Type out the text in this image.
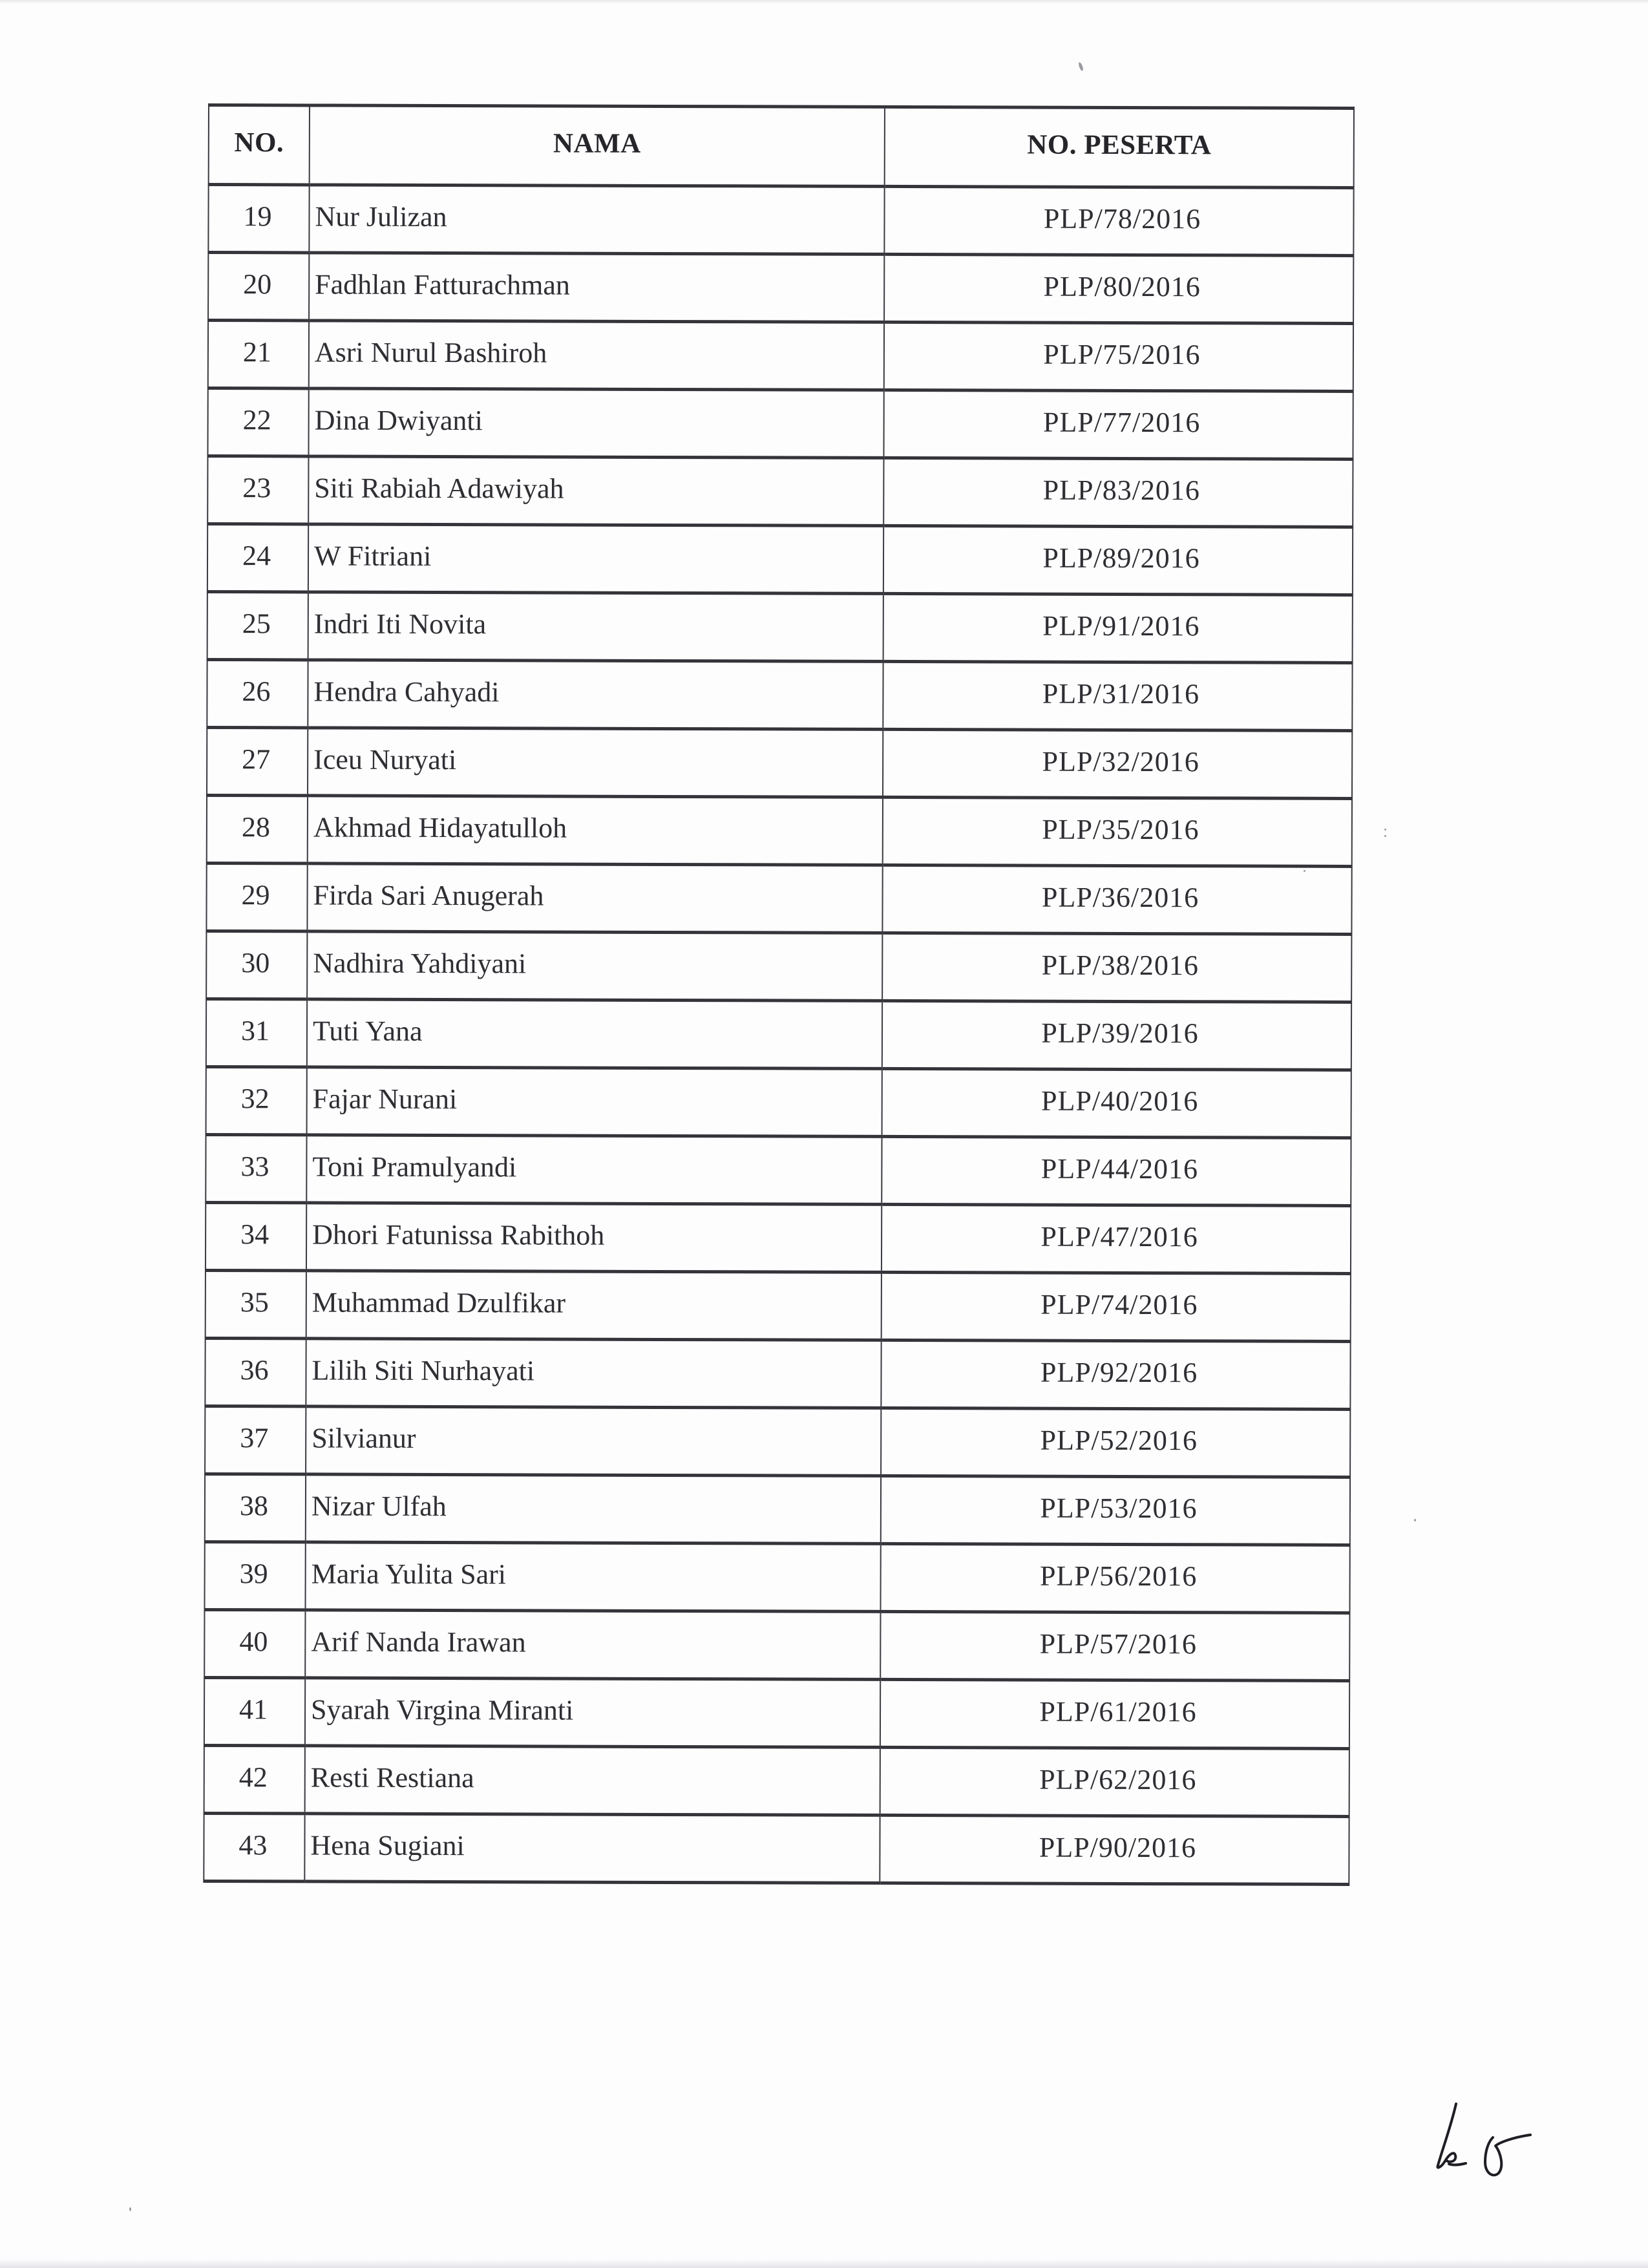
NO.	NAMA	NO. PESERTA
19	Nur Julizan	PLP/78/2016
20	Fadhlan Fatturachman	PLP/80/2016
21	Asri Nurul Bashiroh	PLP/75/2016
22	Dina Dwiyanti	PLP/77/2016
23	Siti Rabiah Adawiyah	PLP/83/2016
24	W Fitriani	PLP/89/2016
25	Indri Iti Novita	PLP/91/2016
26	Hendra Cahyadi	PLP/31/2016
27	Iceu Nuryati	PLP/32/2016
28	Akhmad Hidayatulloh	PLP/35/2016
29	Firda Sari Anugerah	PLP/36/2016
30	Nadhira Yahdiyani	PLP/38/2016
31	Tuti Yana	PLP/39/2016
32	Fajar Nurani	PLP/40/2016
33	Toni Pramulyandi	PLP/44/2016
34	Dhori Fatunissa Rabithoh	PLP/47/2016
35	Muhammad Dzulfikar	PLP/74/2016
36	Lilih Siti Nurhayati	PLP/92/2016
37	Silvianur	PLP/52/2016
38	Nizar Ulfah	PLP/53/2016
39	Maria Yulita Sari	PLP/56/2016
40	Arif Nanda Irawan	PLP/57/2016
41	Syarah Virgina Miranti	PLP/61/2016
42	Resti Restiana	PLP/62/2016
43	Hena Sugiani	PLP/90/2016
